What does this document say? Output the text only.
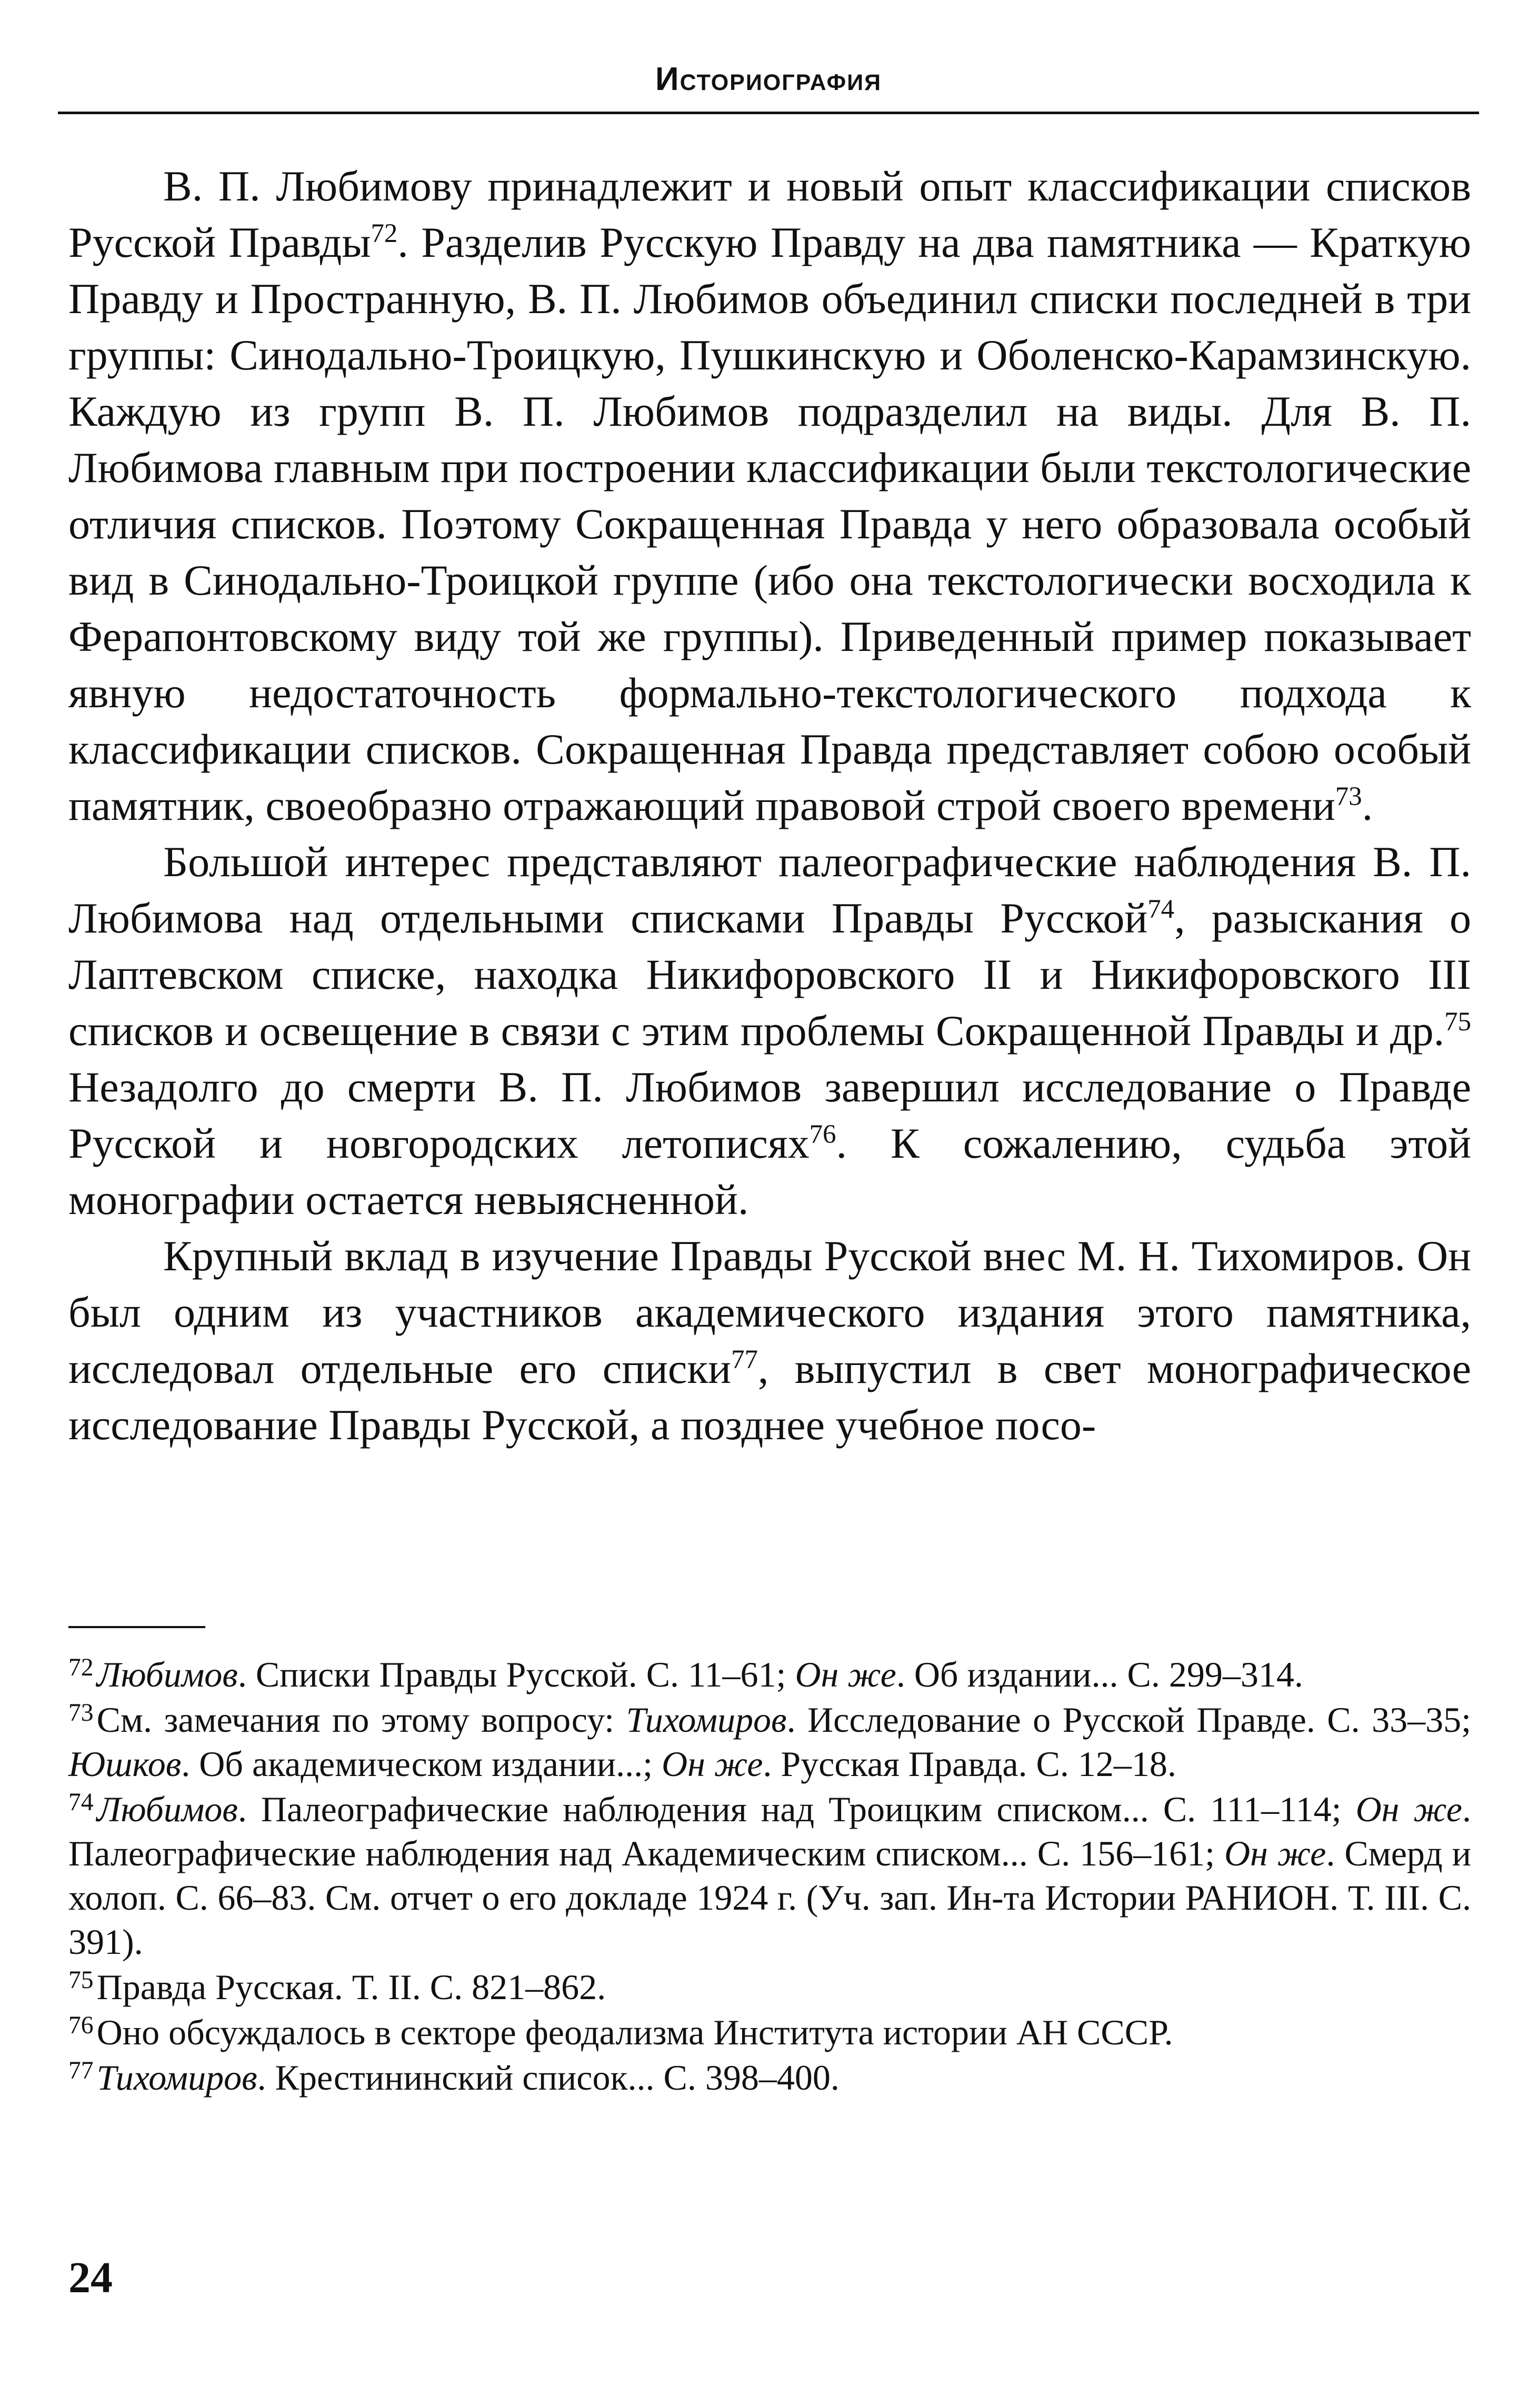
Историография

В. П. Любимову принадлежит и новый опыт классификации списков Русской Правды$^{72}$. Разделив Русскую Правду на два памятника — Краткую Правду и Пространную, В. П. Любимов объединил списки последней в три группы: Синодально-Троицкую, Пушкинскую и Оболенско-Карамзинскую. Каждую из групп В. П. Любимов подразделил на виды. Для В. П. Любимова главным при построении классификации были текстологические отличия списков. Поэтому Сокращенная Правда у него образовала особый вид в Синодально-Троицкой группе (ибо она текстологически восходила к Ферапонтовскому виду той же группы). Приведенный пример показывает явную недостаточность формально-текстологического подхода к классификации списков. Сокращенная Правда представляет собою особый памятник, своеобразно отражающий правовой строй своего времени$^{73}$.

Большой интерес представляют палеографические наблюдения В. П. Любимова над отдельными списками Правды Русской$^{74}$, разыскания о Лаптевском списке, находка Никифоровского II и Никифоровского III списков и освещение в связи с этим проблемы Сокращенной Правды и др.$^{75}$ Незадолго до смерти В. П. Любимов завершил исследование о Правде Русской и новгородских летописях$^{76}$. К сожалению, судьба этой монографии остается невыясненной.

Крупный вклад в изучение Правды Русской внес М. Н. Тихомиров. Он был одним из участников академического издания этого памятника, исследовал отдельные его списки$^{77}$, выпустил в свет монографическое исследование Правды Русской, а позднее учебное посо-

$^{72}$Любимов. Списки Правды Русской. С. 11–61; Он же. Об издании... С. 299–314.
$^{73}$См. замечания по этому вопросу: Тихомиров. Исследование о Русской Правде. С. 33–35; Юшков. Об академическом издании...; Он же. Русская Правда. С. 12–18.
$^{74}$Любимов. Палеографические наблюдения над Троицким списком... С. 111–114; Он же. Палеографические наблюдения над Академическим списком... С. 156–161; Он же. Смерд и холоп. С. 66–83. См. отчет о его докладе 1924 г. (Уч. зап. Ин-та Истории РАНИОН. Т. III. С. 391).
$^{75}$Правда Русская. Т. II. С. 821–862.
$^{76}$Оно обсуждалось в секторе феодализма Института истории АН СССР.
$^{77}$Тихомиров. Крестининский список... С. 398–400.
24
